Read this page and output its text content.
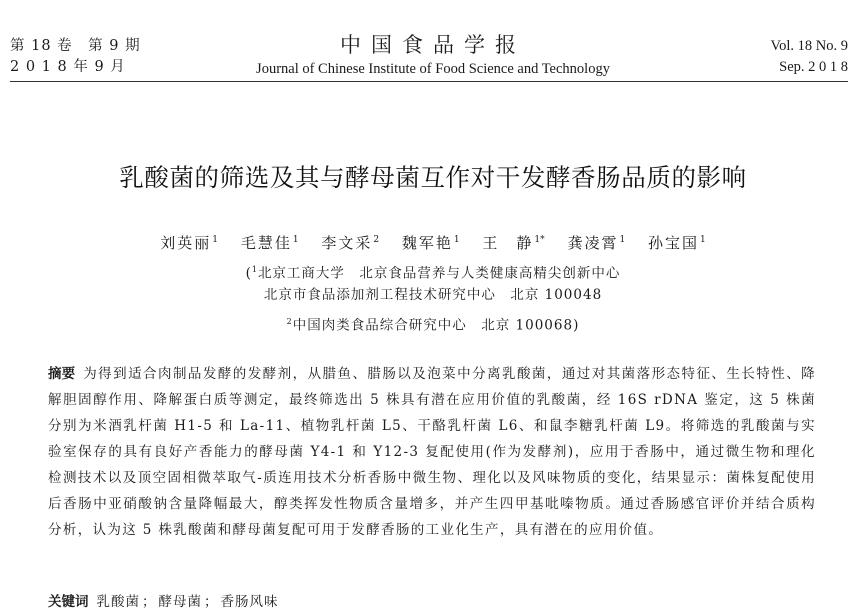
第 18 卷　第 9 期
2 0 1 8 年 9 月
中国食品学报
Journal of Chinese Institute of Food Science and Technology
Vol. 18 No. 9
Sep. 2 0 1 8
乳酸菌的筛选及其与酵母菌互作对干发酵香肠品质的影响
刘英丽$^1$ 毛慧佳$^1$ 李文采$^2$ 魏军艳$^1$ 王　静$^{1*}$ 龚凌霄$^1$ 孙宝国$^1$
($^1$北京工商大学　北京食品营养与人类健康高精尖创新中心
北京市食品添加剂工程技术研究中心　北京 100048
$^2$中国肉类食品综合研究中心　北京 100068)
摘要 为得到适合肉制品发酵的发酵剂，从腊鱼、腊肠以及泡菜中分离乳酸菌，通过对其菌落形态特征、生长特性、降解胆固醇作用、降解蛋白质等测定，最终筛选出 5 株具有潜在应用价值的乳酸菌，经 16S rDNA 鉴定，这 5 株菌分别为米酒乳杆菌 H1-5 和 La-11、植物乳杆菌 L5、干酪乳杆菌 L6、和鼠李糖乳杆菌 L9。将筛选的乳酸菌与实验室保存的具有良好产香能力的酵母菌 Y4-1 和 Y12-3 复配使用(作为发酵剂)，应用于香肠中，通过微生物和理化检测技术以及顶空固相微萃取气-质连用技术分析香肠中微生物、理化以及风味物质的变化，结果显示：菌株复配使用后香肠中亚硝酸钠含量降幅最大，醇类挥发性物质含量增多，并产生四甲基吡嗪物质。通过香肠感官评价并结合质构分析，认为这 5 株乳酸菌和酵母菌复配可用于发酵香肠的工业化生产，具有潜在的应用价值。
关键词 乳酸菌 ； 酵母菌 ； 香肠风味
